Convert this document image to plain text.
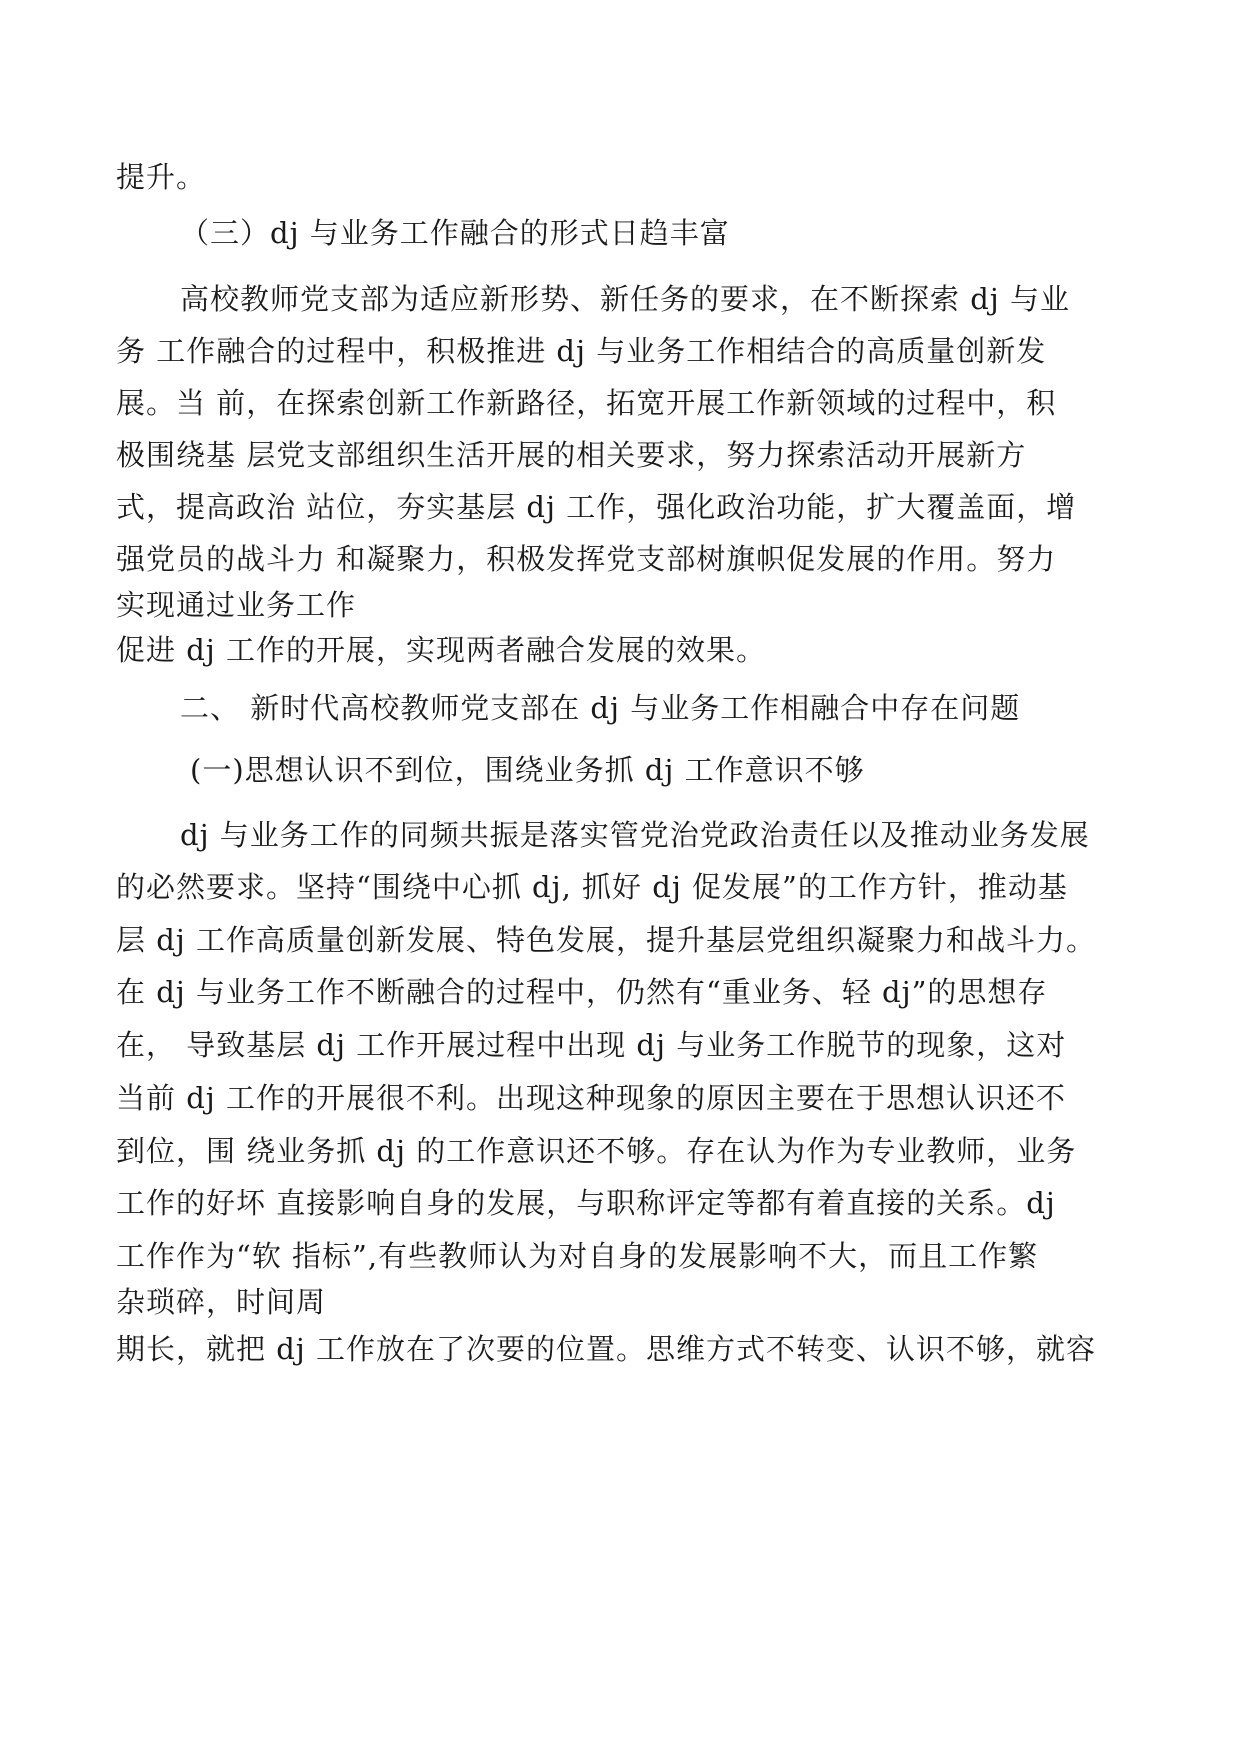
提升。
（三）dj 与业务工作融合的形式日趋丰富
高校教师党支部为适应新形势、新任务的要求，在不断探索 dj 与业
务 工作融合的过程中，积极推进 dj 与业务工作相结合的高质量创新发
展。当 前，在探索创新工作新路径，拓宽开展工作新领域的过程中，积
极围绕基 层党支部组织生活开展的相关要求，努力探索活动开展新方
式，提高政治 站位，夯实基层 dj 工作，强化政治功能，扩大覆盖面，增
强党员的战斗力 和凝聚力，积极发挥党支部树旗帜促发展的作用。努力
实现通过业务工作
促进 dj 工作的开展，实现两者融合发展的效果。
二、 新时代高校教师党支部在 dj 与业务工作相融合中存在问题
(一)思想认识不到位，围绕业务抓 dj 工作意识不够
dj 与业务工作的同频共振是落实管党治党政治责任以及推动业务发展
的必然要求。坚持“围绕中心抓 dj, 抓好 dj 促发展”的工作方针，推动基
层 dj 工作高质量创新发展、特色发展，提升基层党组织凝聚力和战斗力。
在 dj 与业务工作不断融合的过程中，仍然有“重业务、轻 dj”的思想存
在， 导致基层 dj 工作开展过程中出现 dj 与业务工作脱节的现象，这对
当前 dj 工作的开展很不利。出现这种现象的原因主要在于思想认识还不
到位，围 绕业务抓 dj 的工作意识还不够。存在认为作为专业教师，业务
工作的好坏 直接影响自身的发展，与职称评定等都有着直接的关系。dj
工作作为“软 指标”,有些教师认为对自身的发展影响不大，而且工作繁
杂琐碎，时间周
期长，就把 dj 工作放在了次要的位置。思维方式不转变、认识不够，就容
